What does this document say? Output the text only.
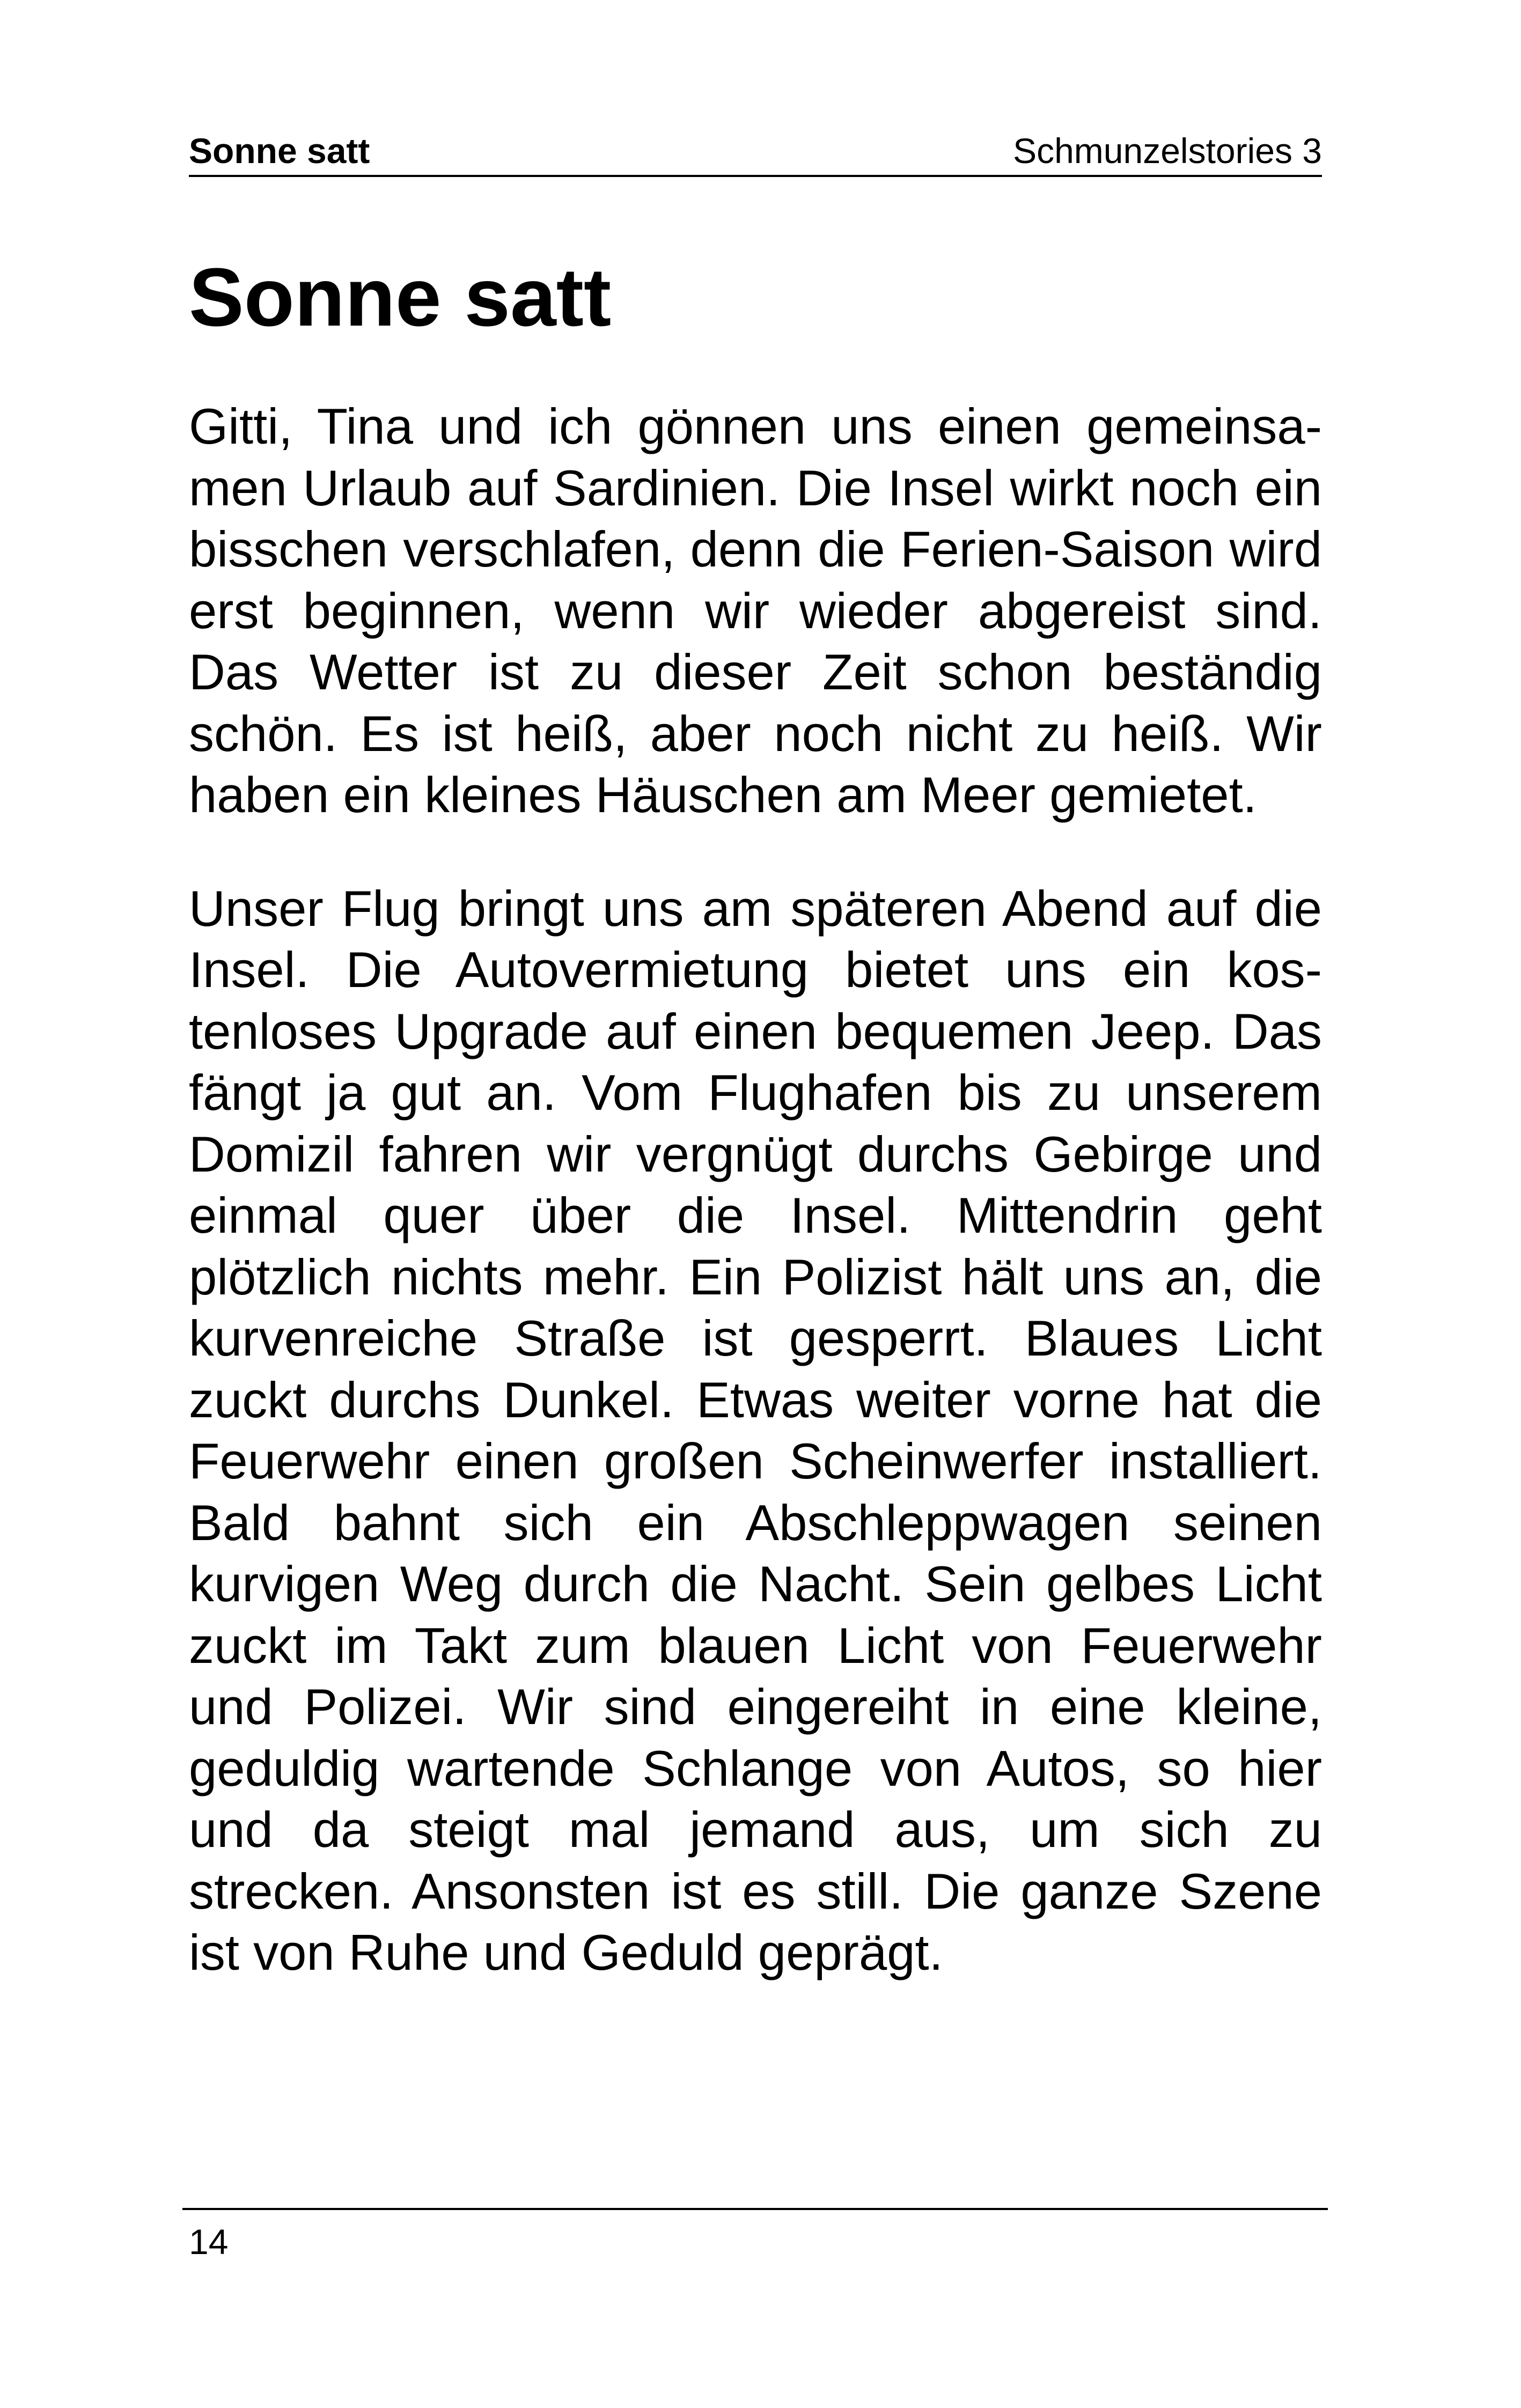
Sonne satt	Schmunzelstories 3
Sonne satt

Gitti, Tina und ich gönnen uns einen gemeinsamen Urlaub auf Sardinien. Die Insel wirkt noch ein bisschen verschlafen, denn die Ferien-Saison wird erst beginnen, wenn wir wieder abgereist sind. Das Wetter ist zu dieser Zeit schon beständig schön. Es ist heiß, aber noch nicht zu heiß. Wir haben ein kleines Häuschen am Meer gemietet.

Unser Flug bringt uns am späteren Abend auf die Insel. Die Autovermietung bietet uns ein kostenloses Upgrade auf einen bequemen Jeep. Das fängt ja gut an. Vom Flughafen bis zu unserem Domizil fahren wir vergnügt durchs Gebirge und einmal quer über die Insel. Mittendrin geht plötzlich nichts mehr. Ein Polizist hält uns an, die kurvenreiche Straße ist gesperrt. Blaues Licht zuckt durchs Dunkel. Etwas weiter vorne hat die Feuerwehr einen großen Scheinwerfer installiert. Bald bahnt sich ein Abschleppwagen seinen kurvigen Weg durch die Nacht. Sein gelbes Licht zuckt im Takt zum blauen Licht von Feuerwehr und Polizei. Wir sind eingereiht in eine kleine, geduldig wartende Schlange von Autos, so hier und da steigt mal jemand aus, um sich zu strecken. Ansonsten ist es still. Die ganze Szene ist von Ruhe und Geduld geprägt.

14
